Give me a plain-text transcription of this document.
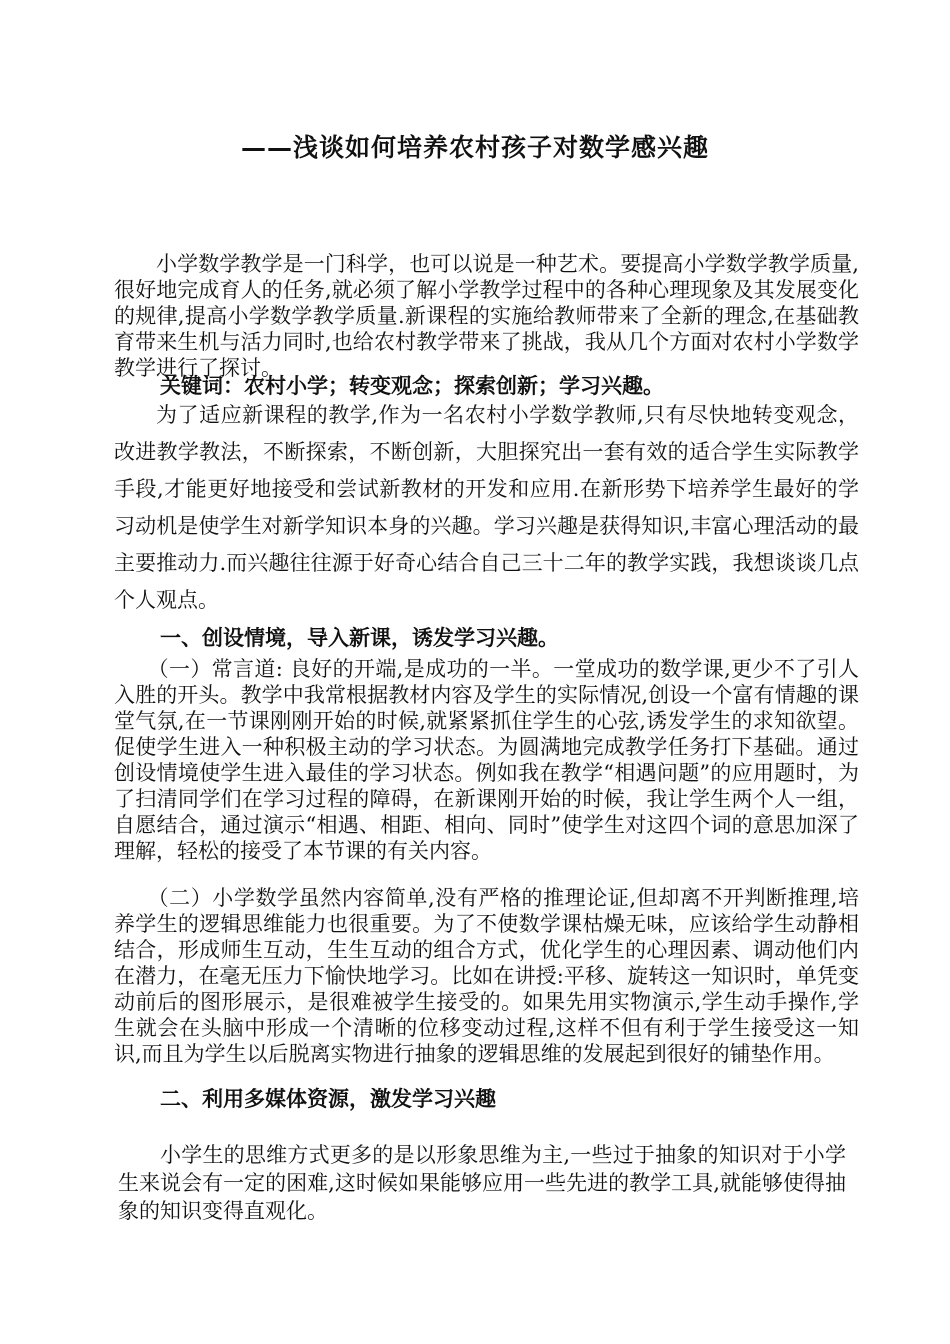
——浅谈如何培养农村孩子对数学感兴趣

小学数学教学是一门科学，也可以说是一种艺术。要提高小学数学教学质量,很好地完成育人的任务,就必须了解小学教学过程中的各种心理现象及其发展变化的规律,提高小学数学教学质量.新课程的实施给教师带来了全新的理念,在基础教育带来生机与活力同时,也给农村教学带来了挑战，我从几个方面对农村小学数学教学进行了探讨。

关键词：农村小学；转变观念；探索创新；学习兴趣。

为了适应新课程的教学,作为一名农村小学数学教师,只有尽快地转变观念，改进教学教法，不断探索，不断创新，大胆探究出一套有效的适合学生实际教学手段,才能更好地接受和尝试新教材的开发和应用.在新形势下培养学生最好的学习动机是使学生对新学知识本身的兴趣。学习兴趣是获得知识,丰富心理活动的最主要推动力.而兴趣往往源于好奇心结合自己三十二年的教学实践，我想谈谈几点个人观点。

一、创设情境，导入新课，诱发学习兴趣。

（一）常言道: 良好的开端,是成功的一半。一堂成功的数学课,更少不了引人入胜的开头。教学中我常根据教材内容及学生的实际情况,创设一个富有情趣的课堂气氛,在一节课刚刚开始的时候,就紧紧抓住学生的心弦,诱发学生的求知欲望。促使学生进入一种积极主动的学习状态。为圆满地完成教学任务打下基础。通过创设情境使学生进入最佳的学习状态。例如我在教学“相遇问题”的应用题时，为了扫清同学们在学习过程的障碍，在新课刚开始的时候，我让学生两个人一组，自愿结合，通过演示“相遇、相距、相向、同时”使学生对这四个词的意思加深了理解，轻松的接受了本节课的有关内容。

（二）小学数学虽然内容简单,没有严格的推理论证,但却离不开判断推理,培养学生的逻辑思维能力也很重要。为了不使数学课枯燥无味，应该给学生动静相结合，形成师生互动，生生互动的组合方式，优化学生的心理因素、调动他们内在潜力，在毫无压力下愉快地学习。比如在讲授:平移、旋转这一知识时，单凭变动前后的图形展示，是很难被学生接受的。如果先用实物演示,学生动手操作,学生就会在头脑中形成一个清晰的位移变动过程,这样不但有利于学生接受这一知识,而且为学生以后脱离实物进行抽象的逻辑思维的发展起到很好的铺垫作用。

二、利用多媒体资源，激发学习兴趣

小学生的思维方式更多的是以形象思维为主,一些过于抽象的知识对于小学生来说会有一定的困难,这时候如果能够应用一些先进的教学工具,就能够使得抽象的知识变得直观化。
